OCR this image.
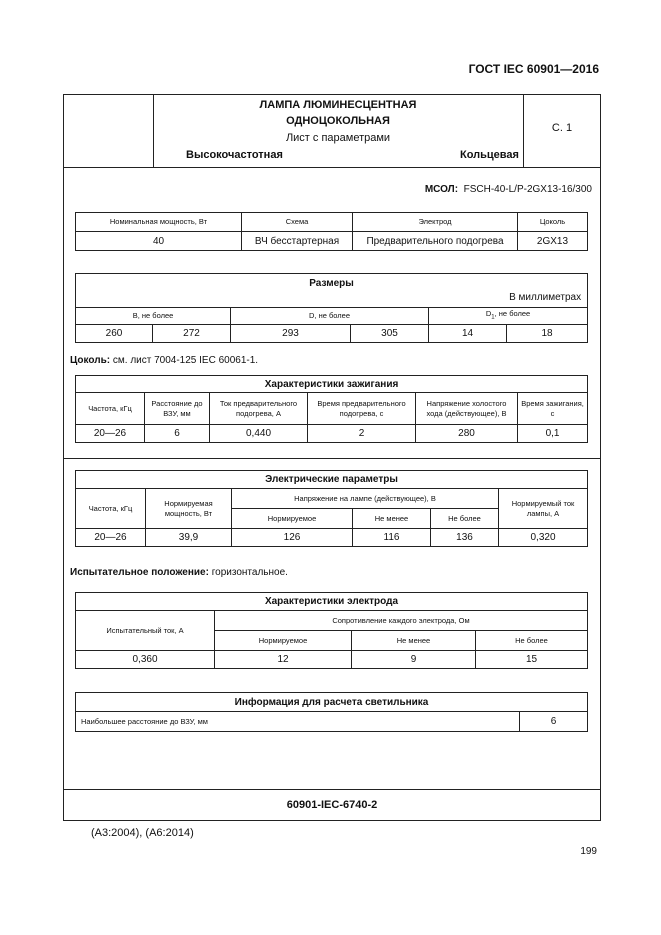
ГОСТ IEC 60901—2016
ЛАМПА ЛЮМИНЕСЦЕНТНАЯ
ОДНОЦОКОЛЬНАЯ
Лист с параметрами
Высокочастотная	Кольцевая
С. 1
МСОЛ: FSCH-40-L/P-2GX13-16/300
Номинальная мощность, Вт	Схема	Электрод	Цоколь
40	ВЧ бесстартерная	Предварительного подогрева	2GX13
Размеры
В миллиметрах					

B, не более		D, не более		$D_1$, не более	
260	272	293	305	14	18
Цоколь: см. лист 7004-125 IEC 60061-1.
Характеристики зажигания					
Частота, кГц	Расстояние до ВЗУ, мм	Ток предварительного подогрева, А	Время предварительного подогрева, с	Напряжение холостого хода (действующее), В	Время зажигания, с
20—26	6	0,440	2	280	0,1
Электрические параметры					
Частота, кГц	Нормируемая мощность, Вт	Напряжение на лампе (действующее), В			Нормируемый ток лампы, А
		Нормируемое	Не менее	Не более	
20—26	39,9	126	116	136	0,320
Испытательное положение: горизонтальное.
Характеристики электрода			
Испытательный ток, А	Сопротивление каждого электрода, Ом		
	Нормируемое	Не менее	Не более
0,360	12	9	15
Информация для расчета светильника
Наибольшее расстояние до ВЗУ, мм	6
60901-IEC-6740-2
(A3:2004), (A6:2014)
199
